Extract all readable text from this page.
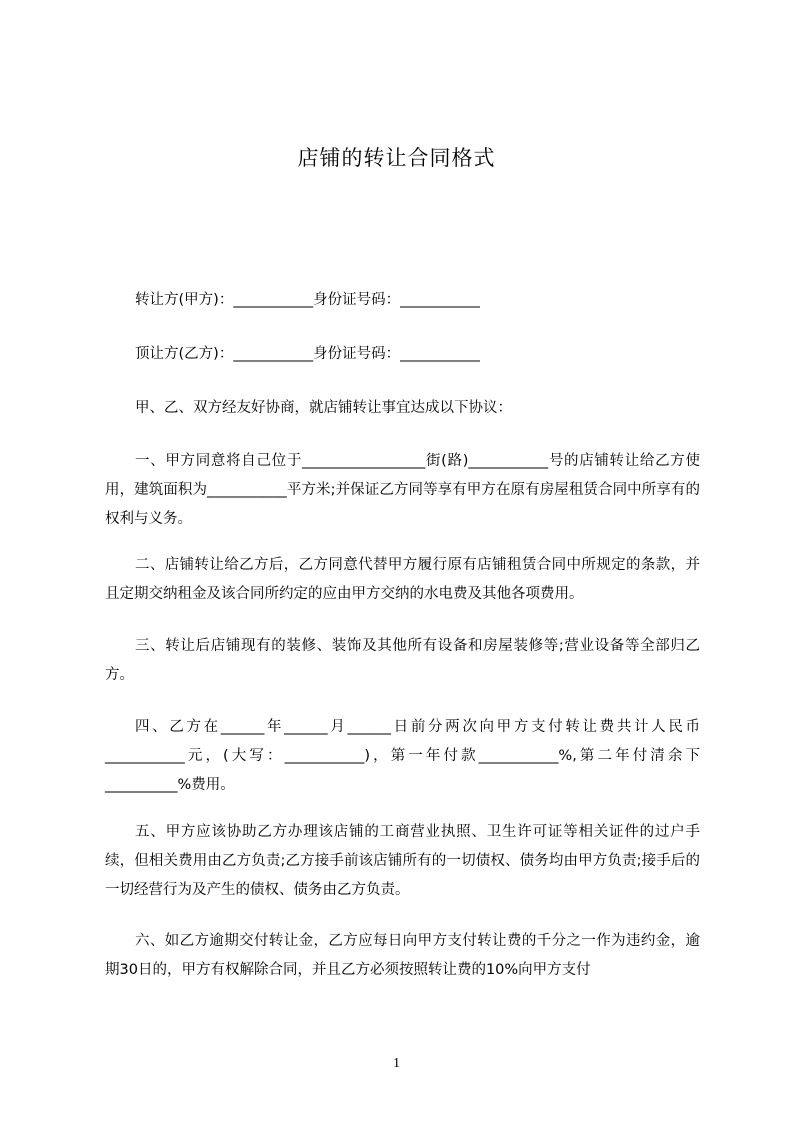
店铺的转让合同格式

转让方(甲方)：___________身份证号码：___________

顶让方(乙方)：___________身份证号码：___________

甲、乙、双方经友好协商，就店铺转让事宜达成以下协议：

一、甲方同意将自己位于_________________街(路)___________号的店铺转让给乙方使用，建筑面积为___________平方米;并保证乙方同等享有甲方在原有房屋租赁合同中所享有的权利与义务。

二、店铺转让给乙方后，乙方同意代替甲方履行原有店铺租赁合同中所规定的条款，并且定期交纳租金及该合同所约定的应由甲方交纳的水电费及其他各项费用。

三、转让后店铺现有的装修、装饰及其他所有设备和房屋装修等;营业设备等全部归乙方。

四、乙方在______年______月______日前分两次向甲方支付转让费共计人民币___________元，(大写：___________)，第一年付款___________%,第二年付清余下__________%费用。

五、甲方应该协助乙方办理该店铺的工商营业执照、卫生许可证等相关证件的过户手续，但相关费用由乙方负责;乙方接手前该店铺所有的一切债权、债务均由甲方负责;接手后的一切经营行为及产生的债权、债务由乙方负责。

六、如乙方逾期交付转让金，乙方应每日向甲方支付转让费的千分之一作为违约金，逾期30日的，甲方有权解除合同，并且乙方必须按照转让费的10%向甲方支付

1
